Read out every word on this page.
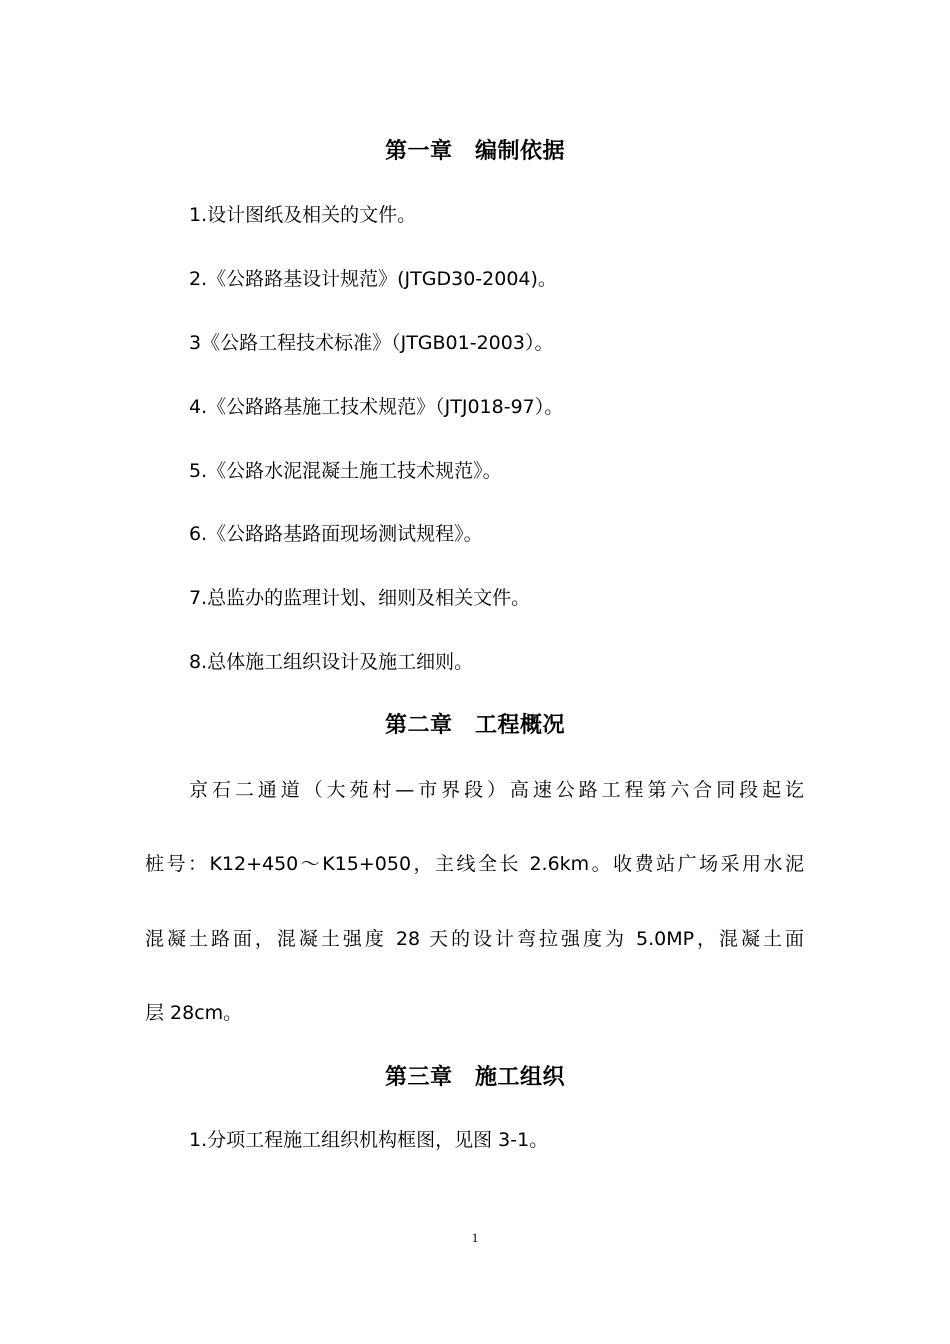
第一章　编制依据
1.设计图纸及相关的文件。
2.《公路路基设计规范》(JTGD30-2004)。
3《公路工程技术标准》（JTGB01-2003）。
4.《公路路基施工技术规范》（JTJ018-97）。
5.《公路水泥混凝土施工技术规范》。
6.《公路路基路面现场测试规程》。
7.总监办的监理计划、细则及相关文件。
8.总体施工组织设计及施工细则。
第二章　工程概况
京石二通道（大苑村—市界段）高速公路工程第六合同段起讫
桩号：K12+450～K15+050，主线全长 2.6km。收费站广场采用水泥
混凝土路面，混凝土强度 28 天的设计弯拉强度为 5.0MP，混凝土面
层 28cm。
第三章　施工组织
1.分项工程施工组织机构框图，见图 3-1。
1
